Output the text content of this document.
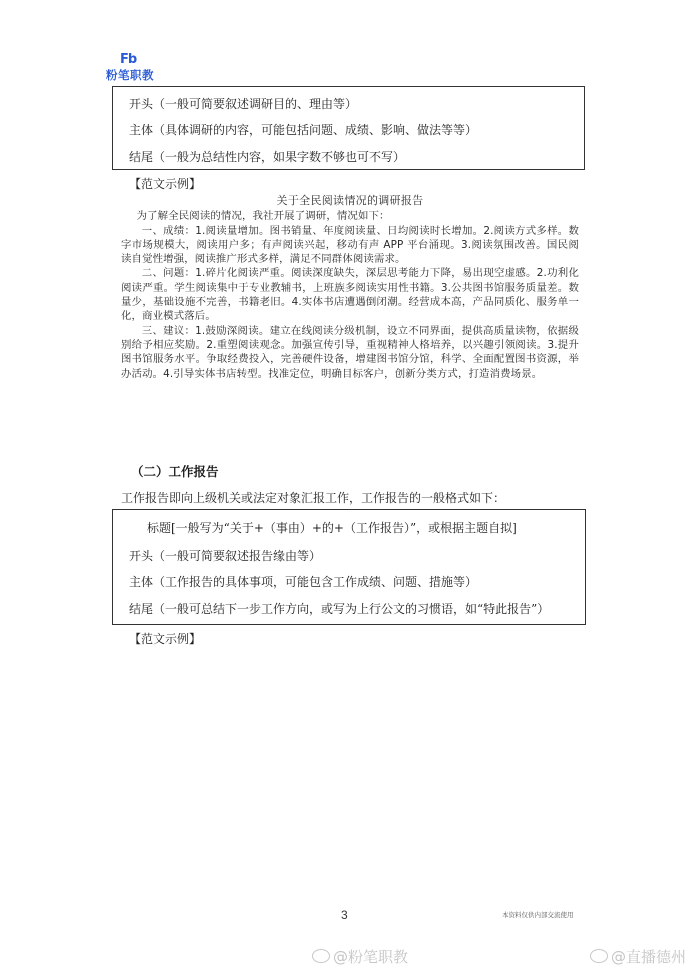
Fb
粉笔职教
开头（一般可简要叙述调研目的、理由等）
主体（具体调研的内容，可能包括问题、成绩、影响、做法等等）
结尾（一般为总结性内容，如果字数不够也可不写）
【范文示例】
关于全民阅读情况的调研报告

为了解全民阅读的情况，我社开展了调研，情况如下：

一、成绩：1.阅读量增加。图书销量、年度阅读量、日均阅读时长增加。2.阅读方式多样。数字市场规模大，阅读用户多；有声阅读兴起，移动有声 APP 平台涌现。3.阅读氛围改善。国民阅读自觉性增强，阅读推广形式多样，满足不同群体阅读需求。

二、问题：1.碎片化阅读严重。阅读深度缺失，深层思考能力下降，易出现空虚感。2.功利化阅读严重。学生阅读集中于专业教辅书，上班族多阅读实用性书籍。3.公共图书馆服务质量差。数量少，基础设施不完善，书籍老旧。4.实体书店遭遇倒闭潮。经营成本高，产品同质化、服务单一化，商业模式落后。

三、建议：1.鼓励深阅读。建立在线阅读分级机制，设立不同界面，提供高质量读物，依据级别给予相应奖励。2.重塑阅读观念。加强宣传引导，重视精神人格培养，以兴趣引领阅读。3.提升图书馆服务水平。争取经费投入，完善硬件设备，增建图书馆分馆，科学、全面配置图书资源，举办活动。4.引导实体书店转型。找准定位，明确目标客户，创新分类方式，打造消费场景。

（二）工作报告
工作报告即向上级机关或法定对象汇报工作，工作报告的一般格式如下：
标题[一般写为“关于+（事由）+的+（工作报告）”，或根据主题自拟]
开头（一般可简要叙述报告缘由等）
主体（工作报告的具体事项，可能包含工作成绩、问题、措施等）
结尾（一般可总结下一步工作方向，或写为上行公文的习惯语，如“特此报告”）
【范文示例】
3	本资料仅供内部交流使用
@粉笔职教	@直播德州
